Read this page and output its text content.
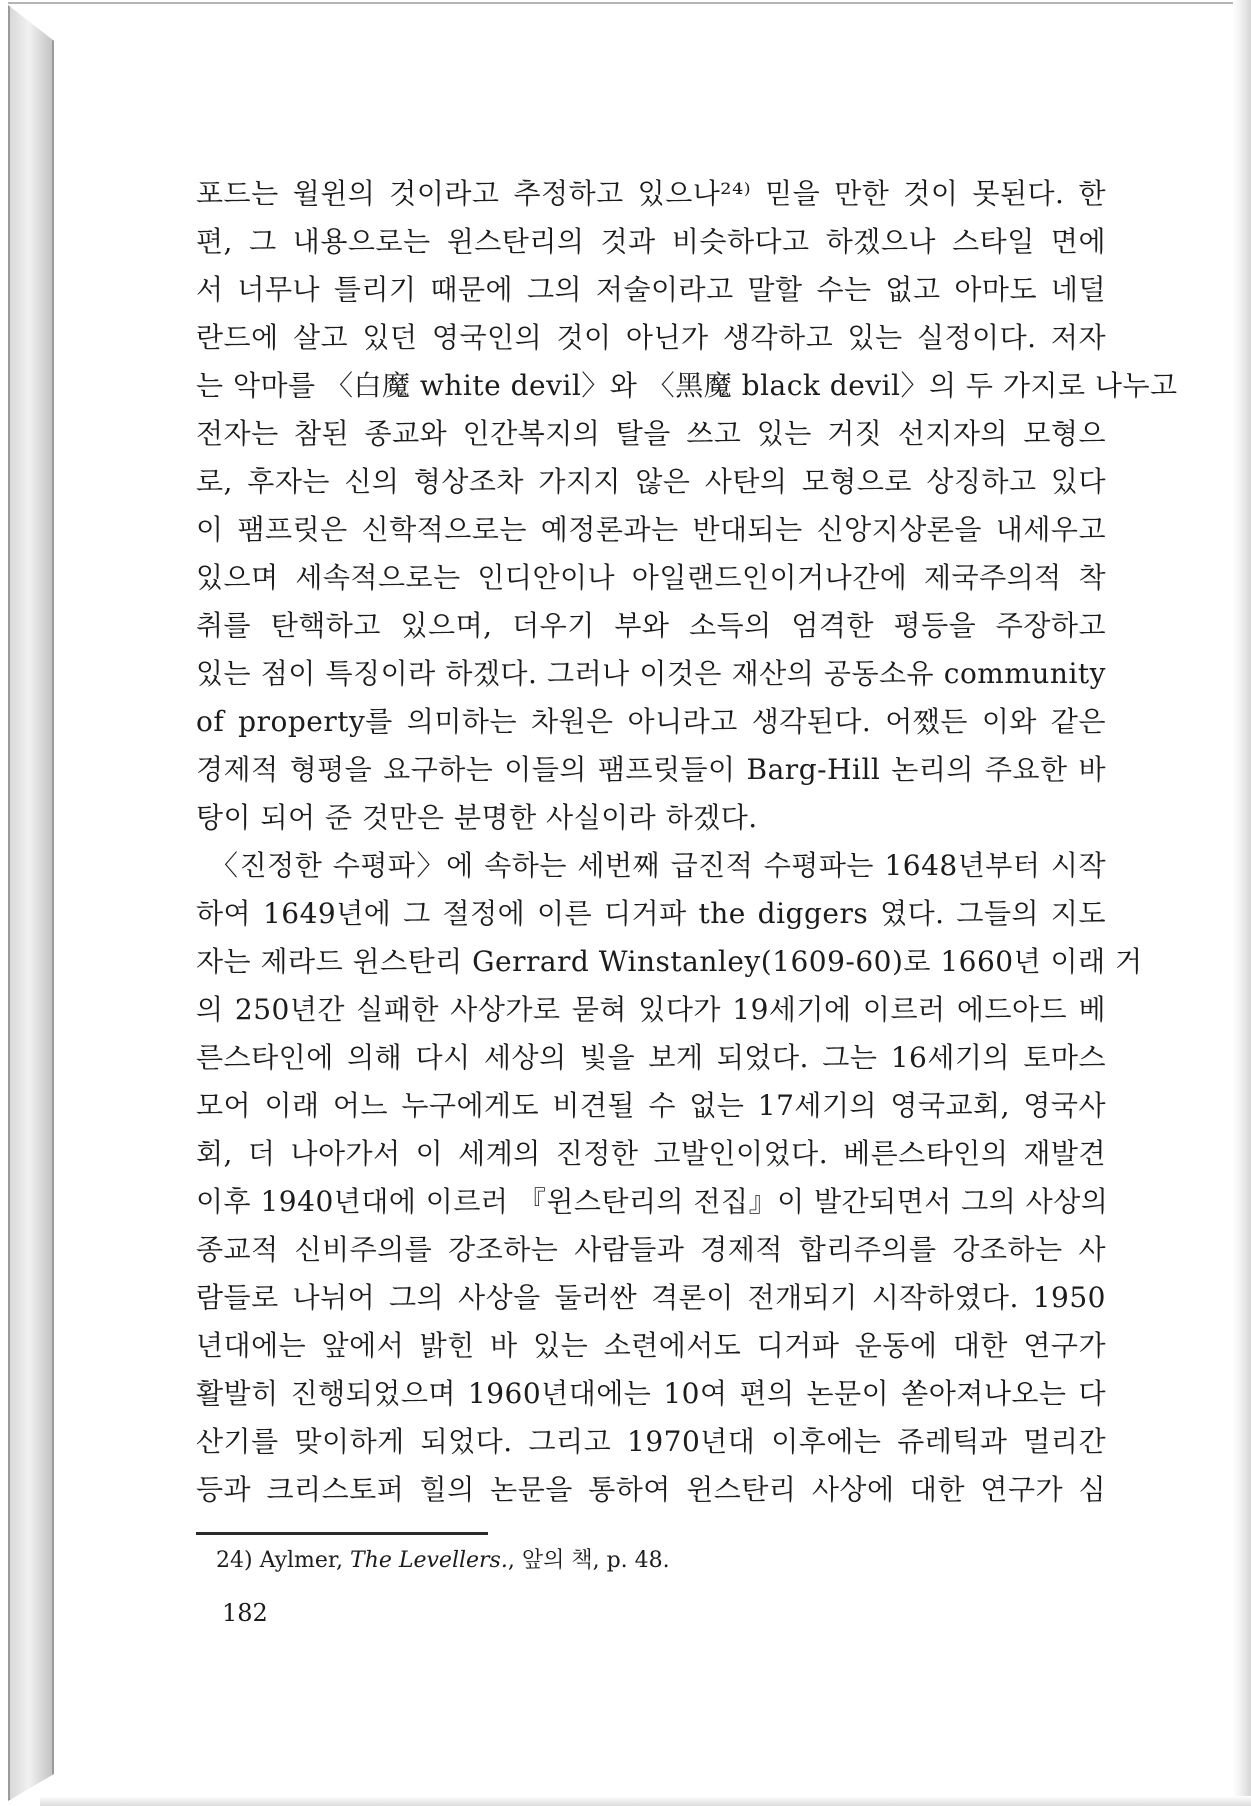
포드는 윌윈의 것이라고 추정하고 있으나²⁴⁾ 믿을 만한 것이 못된다. 한
편, 그 내용으로는 윈스탄리의 것과 비슷하다고 하겠으나 스타일 면에
서 너무나 틀리기 때문에 그의 저술이라고 말할 수는 없고 아마도 네덜
란드에 살고 있던 영국인의 것이 아닌가 생각하고 있는 실정이다. 저자
는 악마를 〈白魔 white devil〉와 〈黑魔 black devil〉의 두 가지로 나누고
전자는 참된 종교와 인간복지의 탈을 쓰고 있는 거짓 선지자의 모형으
로, 후자는 신의 형상조차 가지지 않은 사탄의 모형으로 상징하고 있다
이 팸프릿은 신학적으로는 예정론과는 반대되는 신앙지상론을 내세우고
있으며 세속적으로는 인디안이나 아일랜드인이거나간에 제국주의적 착
취를 탄핵하고 있으며, 더우기 부와 소득의 엄격한 평등을 주장하고
있는 점이 특징이라 하겠다. 그러나 이것은 재산의 공동소유 community
of property를 의미하는 차원은 아니라고 생각된다. 어쨌든 이와 같은
경제적 형평을 요구하는 이들의 팸프릿들이 Barg-Hill 논리의 주요한 바
탕이 되어 준 것만은 분명한 사실이라 하겠다.
〈진정한 수평파〉에 속하는 세번째 급진적 수평파는 1648년부터 시작
하여 1649년에 그 절정에 이른 디거파 the diggers 였다. 그들의 지도
자는 제라드 윈스탄리 Gerrard Winstanley(1609-60)로 1660년 이래 거
의 250년간 실패한 사상가로 묻혀 있다가 19세기에 이르러 에드아드 베
른스타인에 의해 다시 세상의 빛을 보게 되었다. 그는 16세기의 토마스
모어 이래 어느 누구에게도 비견될 수 없는 17세기의 영국교회, 영국사
회, 더 나아가서 이 세계의 진정한 고발인이었다. 베른스타인의 재발견
이후 1940년대에 이르러 『윈스탄리의 전집』이 발간되면서 그의 사상의
종교적 신비주의를 강조하는 사람들과 경제적 합리주의를 강조하는 사
람들로 나뉘어 그의 사상을 둘러싼 격론이 전개되기 시작하였다. 1950
년대에는 앞에서 밝힌 바 있는 소련에서도 디거파 운동에 대한 연구가
활발히 진행되었으며 1960년대에는 10여 편의 논문이 쏟아져나오는 다
산기를 맞이하게 되었다. 그리고 1970년대 이후에는 쥬레틱과 멀리간
등과 크리스토퍼 힐의 논문을 통하여 윈스탄리 사상에 대한 연구가 심
24) Aylmer, The Levellers., 앞의 책, p. 48.
182
